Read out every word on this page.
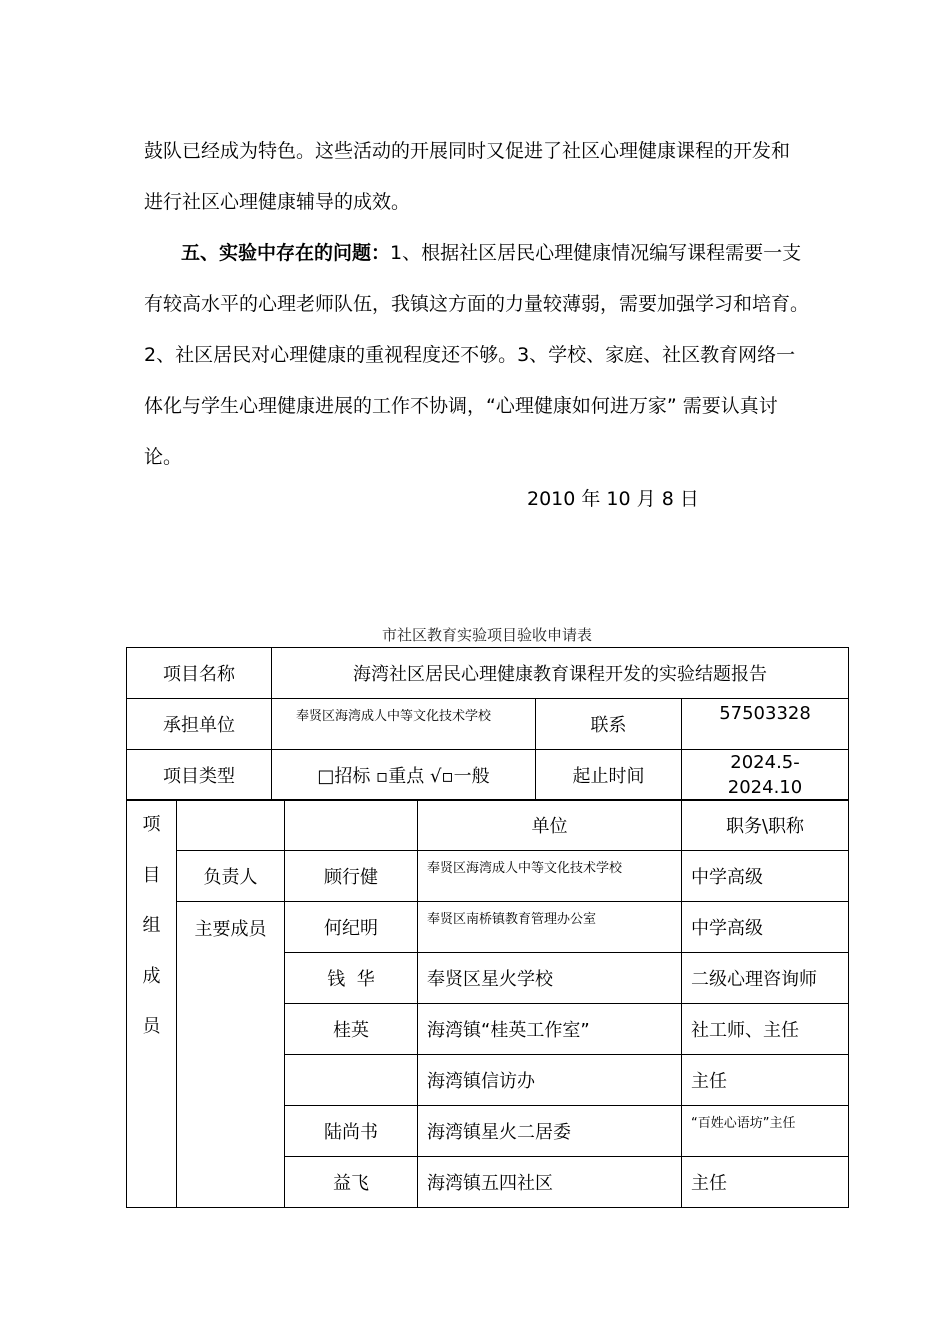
鼓队已经成为特色。这些活动的开展同时又促进了社区心理健康课程的开发和

进行社区心理健康辅导的成效。

五、实验中存在的问题：1、根据社区居民心理健康情况编写课程需要一支

有较高水平的心理老师队伍，我镇这方面的力量较薄弱，需要加强学习和培育。

2、社区居民对心理健康的重视程度还不够。3、学校、家庭、社区教育网络一

体化与学生心理健康进展的工作不协调，“心理健康如何进万家” 需要认真讨

论。

2010 年 10 月 8 日
市社区教育实验项目验收申请表
项目名称	海湾社区居民心理健康教育课程开发的实验结题报告		
承担单位	奉贤区海湾成人中等文化技术学校	联系	57503328
项目类型	□招标 ▫重点 √▫一般	起止时间	2024.5-
2024.10
项
目
组
成
员			单位	职务\职称
	负责人	顾行健	奉贤区海湾成人中等文化技术学校	中学高级
	主要成员	何纪明	奉贤区南桥镇教育管理办公室	中学高级
		钱  华	奉贤区星火学校	二级心理咨询师
		桂英	海湾镇“桂英工作室”	社工师、主任
			海湾镇信访办	主任
		陆尚书	海湾镇星火二居委	“百姓心语坊”主任
		益飞	海湾镇五四社区	主任
